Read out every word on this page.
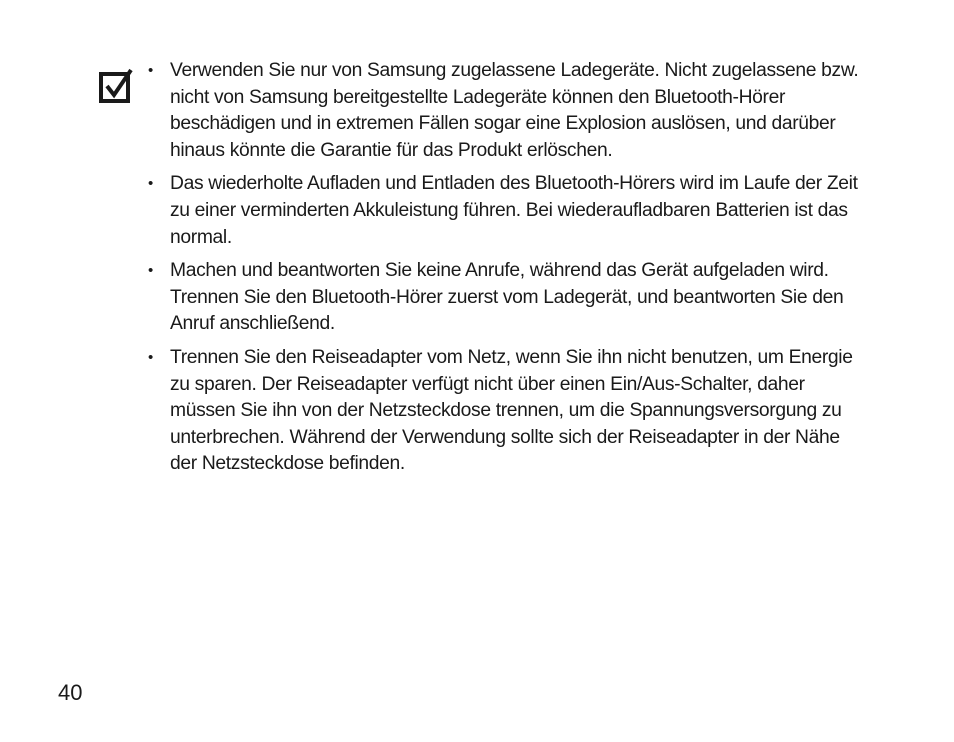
• Verwenden Sie nur von Samsung zugelassene Ladegeräte. Nicht zugelassene bzw. nicht von Samsung bereitgestellte Ladegeräte können den Bluetooth-Hörer beschädigen und in extremen Fällen sogar eine Explosion auslösen, und darüber hinaus könnte die Garantie für das Produkt erlöschen.
• Das wiederholte Aufladen und Entladen des Bluetooth-Hörers wird im Laufe der Zeit zu einer verminderten Akkuleistung führen. Bei wiederaufladbaren Batterien ist das normal.
• Machen und beantworten Sie keine Anrufe, während das Gerät aufgeladen wird. Trennen Sie den Bluetooth-Hörer zuerst vom Ladegerät, und beantworten Sie den Anruf anschließend.
• Trennen Sie den Reiseadapter vom Netz, wenn Sie ihn nicht benutzen, um Energie zu sparen. Der Reiseadapter verfügt nicht über einen Ein/Aus-Schalter, daher müssen Sie ihn von der Netzsteckdose trennen, um die Spannungsversorgung zu unterbrechen. Während der Verwendung sollte sich der Reiseadapter in der Nähe der Netzsteckdose befinden.
40
